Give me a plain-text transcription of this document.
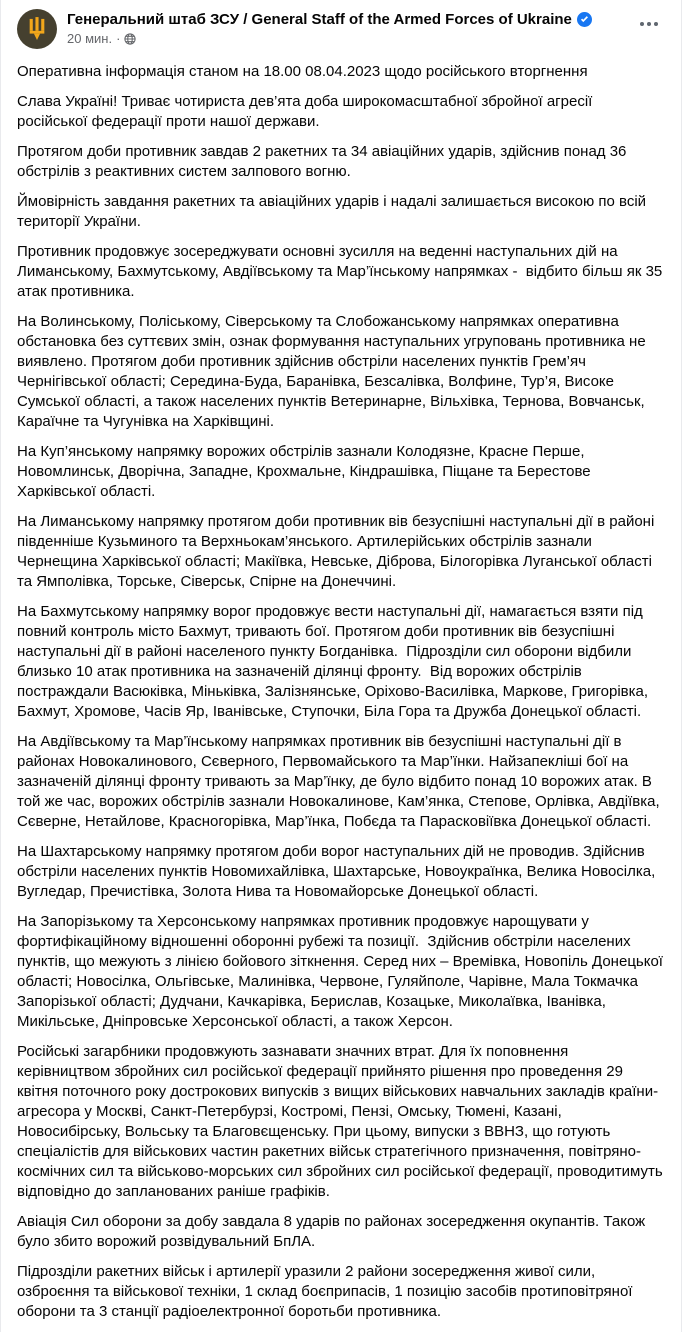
Генеральний штаб ЗСУ / General Staff of the Armed Forces of Ukraine
20 мин. ·

Оперативна інформація станом на 18.00 08.04.2023 щодо російського вторгнення

Слава Україні! Триває чотириста дев’ята доба широкомасштабної збройної агресії російської федерації проти нашої держави.

Протягом доби противник завдав 2 ракетних та 34 авіаційних ударів, здійснив понад 36 обстрілів з реактивних систем залпового вогню.

Ймовірність завдання ракетних та авіаційних ударів і надалі залишається високою по всій території України.

Противник продовжує зосереджувати основні зусилля на веденні наступальних дій на Лиманському, Бахмутському, Авдіївському та Мар’їнському напрямках -  відбито більш як 35 атак противника.

На Волинському, Поліському, Сіверському та Слобожанському напрямках оперативна обстановка без суттєвих змін, ознак формування наступальних угруповань противника не виявлено. Протягом доби противник здійснив обстріли населених пунктів Грем’яч Чернігівської області; Середина-Буда, Баранівка, Безсалівка, Волфине, Тур’я, Високе Сумської області, а також населених пунктів Ветеринарне, Вільхівка, Тернова, Вовчанськ, Караїчне та Чугунівка на Харківщині.

На Куп’янському напрямку ворожих обстрілів зазнали Колодязне, Красне Перше, Новомлинськ, Дворічна, Западне, Крохмальне, Кіндрашівка, Піщане та Берестове Харківської області.

На Лиманському напрямку протягом доби противник вів безуспішні наступальні дії в районі південніше Кузьминого та Верхньокам’янського. Артилерійських обстрілів зазнали Чернещина Харківської області; Макіївка, Невське, Діброва, Білогорівка Луганської області та Ямполівка, Торське, Сіверськ, Спірне на Донеччині.

На Бахмутському напрямку ворог продовжує вести наступальні дії, намагається взяти під повний контроль місто Бахмут, тривають бої. Протягом доби противник вів безуспішні наступальні дії в районі населеного пункту Богданівка.  Підрозділи сил оборони відбили близько 10 атак противника на зазначеній ділянці фронту.  Від ворожих обстрілів постраждали Васюківка, Міньківка, Залізнянське, Оріхово-Василівка, Маркове, Григорівка, Бахмут, Хромове, Часів Яр, Іванівське, Ступочки, Біла Гора та Дружба Донецької області.

На Авдіївському та Мар’їнському напрямках противник вів безуспішні наступальні дії в районах Новокалинового, Сєверного, Первомайського та Мар’їнки. Найзапекліші бої на зазначеній ділянці фронту тривають за Мар’їнку, де було відбито понад 10 ворожих атак. В той же час, ворожих обстрілів зазнали Новокалинове, Кам’янка, Степове, Орлівка, Авдіївка, Сєверне, Нетайлове, Красногорівка, Мар’їнка, Побєда та Парасковіївка Донецької області.

На Шахтарському напрямку протягом доби ворог наступальних дій не проводив. Здійснив обстріли населених пунктів Новомихайлівка, Шахтарське, Новоукраїнка, Велика Новосілка, Вугледар, Пречистівка, Золота Нива та Новомайорське Донецької області.

На Запорізькому та Херсонському напрямках противник продовжує нарощувати у фортифікаційному відношенні оборонні рубежі та позиції.  Здійснив обстріли населених пунктів, що межують з лінією бойового зіткнення. Серед них – Времівка, Новопіль Донецької області; Новосілка, Ольгівське, Малинівка, Червоне, Гуляйполе, Чарівне, Мала Токмачка Запорізької області; Дудчани, Качкарівка, Берислав, Козацьке, Миколаївка, Іванівка, Микільське, Дніпровське Херсонської області, а також Херсон.

Російські загарбники продовжують зазнавати значних втрат. Для їх поповнення керівництвом збройних сил російської федерації прийнято рішення про проведення 29 квітня поточного року дострокових випусків з вищих військових навчальних закладів країни-агресора у Москві, Санкт-Петербурзі, Костромі, Пензі, Омську, Тюмені, Казані, Новосибірську, Вольську та Благовєщенську. При цьому, випуски з ВВНЗ, що готують спеціалістів для військових частин ракетних військ стратегічного призначення, повітряно-космічних сил та військово-морських сил збройних сил російської федерації, проводитимуть відповідно до запланованих раніше графіків.

Авіація Сил оборони за добу завдала 8 ударів по районах зосередження окупантів. Також було збито ворожий розвідувальний БпЛА.

Підрозділи ракетних військ і артилерії уразили 2 райони зосередження живої сили, озброєння та військової техніки, 1 склад боєприпасів, 1 позицію засобів протиповітряної оборони та 3 станції радіоелектронної боротьби противника.
